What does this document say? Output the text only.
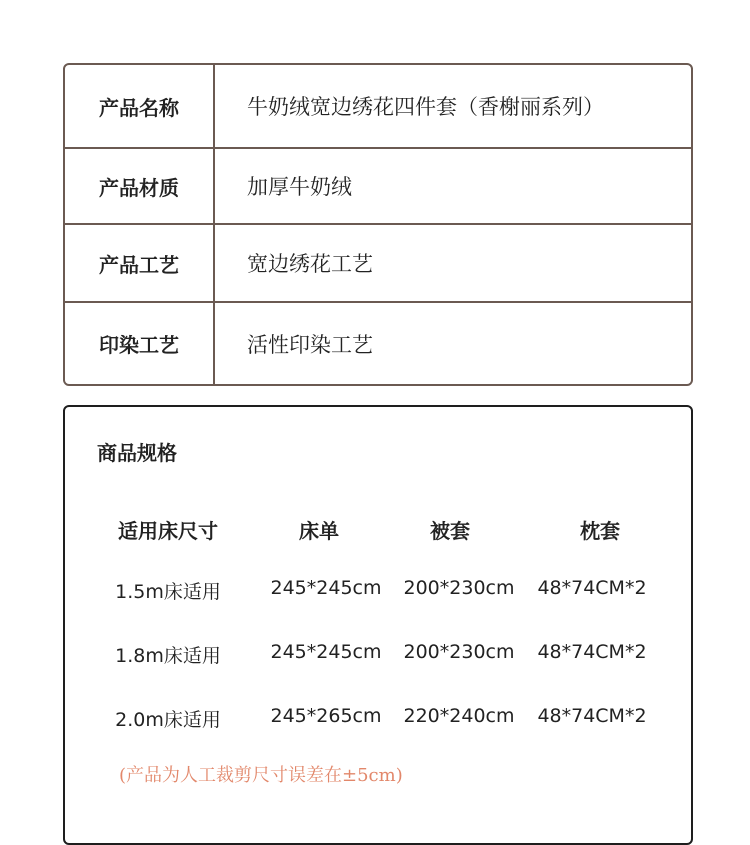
产品名称	牛奶绒宽边绣花四件套（香榭丽系列）
产品材质	加厚牛奶绒
产品工艺	宽边绣花工艺
印染工艺	活性印染工艺
商品规格
适用床尺寸	床单	被套	枕套
1.5m床适用	245*245cm	200*230cm	48*74CM*2
1.8m床适用	245*245cm	200*230cm	48*74CM*2
2.0m床适用	245*265cm	220*240cm	48*74CM*2
(产品为人工裁剪尺寸误差在±5cm)
